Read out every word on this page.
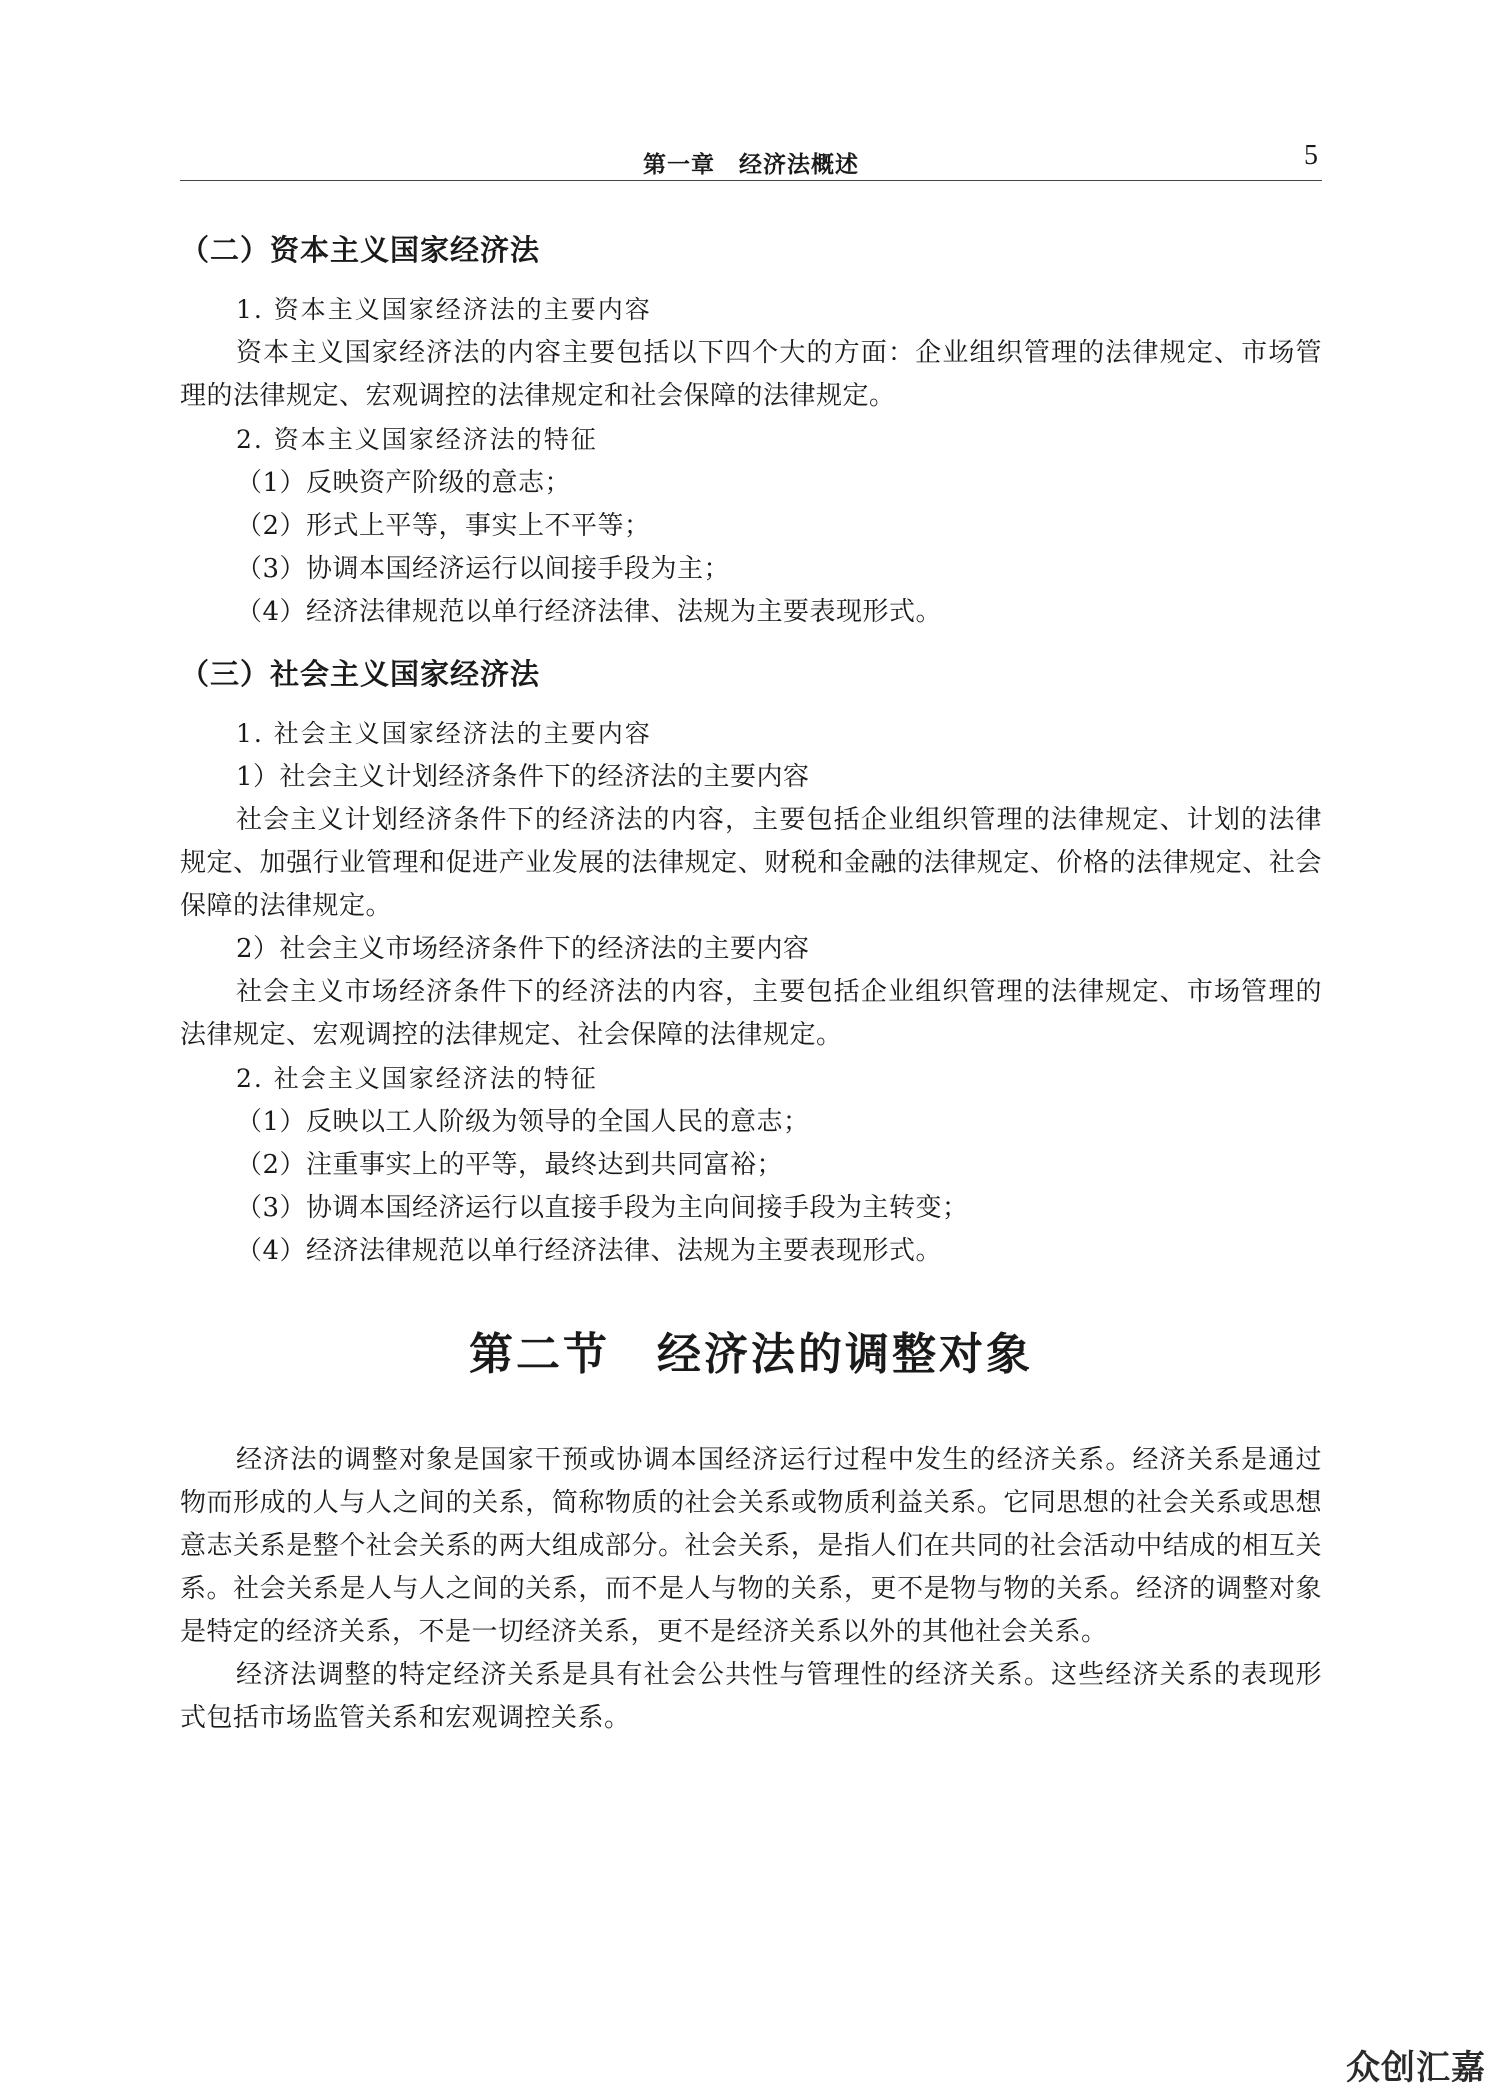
第一章　经济法概述	5
（二）资本主义国家经济法
1. 资本主义国家经济法的主要内容
资本主义国家经济法的内容主要包括以下四个大的方面：企业组织管理的法律规定、市场管理的法律规定、宏观调控的法律规定和社会保障的法律规定。
2. 资本主义国家经济法的特征
（1）反映资产阶级的意志；
（2）形式上平等，事实上不平等；
（3）协调本国经济运行以间接手段为主；
（4）经济法律规范以单行经济法律、法规为主要表现形式。
（三）社会主义国家经济法
1. 社会主义国家经济法的主要内容
1）社会主义计划经济条件下的经济法的主要内容
社会主义计划经济条件下的经济法的内容，主要包括企业组织管理的法律规定、计划的法律规定、加强行业管理和促进产业发展的法律规定、财税和金融的法律规定、价格的法律规定、社会保障的法律规定。
2）社会主义市场经济条件下的经济法的主要内容
社会主义市场经济条件下的经济法的内容，主要包括企业组织管理的法律规定、市场管理的法律规定、宏观调控的法律规定、社会保障的法律规定。
2. 社会主义国家经济法的特征
（1）反映以工人阶级为领导的全国人民的意志；
（2）注重事实上的平等，最终达到共同富裕；
（3）协调本国经济运行以直接手段为主向间接手段为主转变；
（4）经济法律规范以单行经济法律、法规为主要表现形式。
第二节　经济法的调整对象
经济法的调整对象是国家干预或协调本国经济运行过程中发生的经济关系。经济关系是通过物而形成的人与人之间的关系，简称物质的社会关系或物质利益关系。它同思想的社会关系或思想意志关系是整个社会关系的两大组成部分。社会关系，是指人们在共同的社会活动中结成的相互关系。社会关系是人与人之间的关系，而不是人与物的关系，更不是物与物的关系。经济的调整对象是特定的经济关系，不是一切经济关系，更不是经济关系以外的其他社会关系。
经济法调整的特定经济关系是具有社会公共性与管理性的经济关系。这些经济关系的表现形式包括市场监管关系和宏观调控关系。
众创汇嘉
